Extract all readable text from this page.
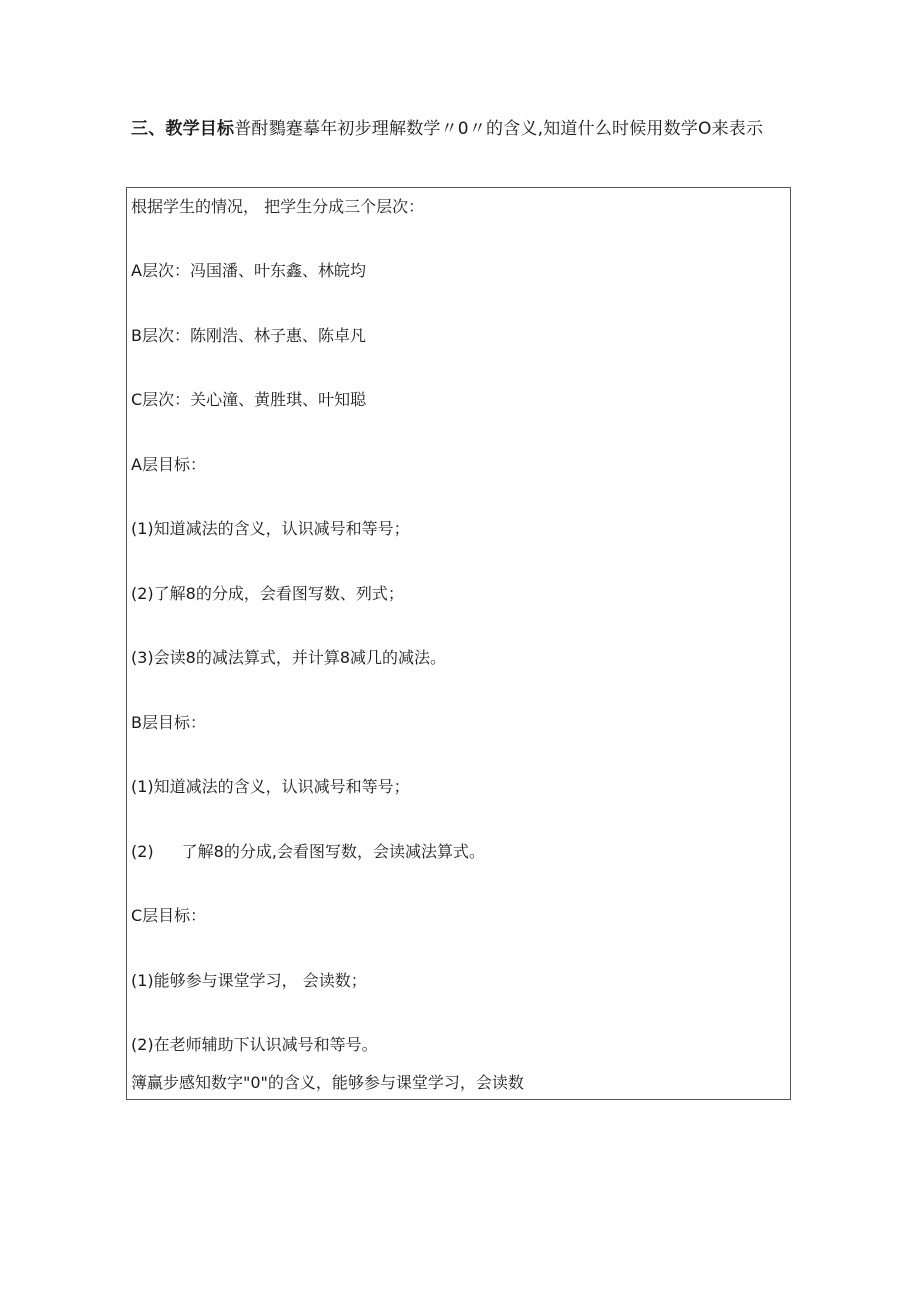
三、教学目标普酎鷚蹇摹年初步理解数学〃0〃的含义,知道什么时候用数学O来表示
根据学生的情况， 把学生分成三个层次：
A层次：冯国潘、叶东鑫、林皖均
B层次：陈刚浩、林子惠、陈卓凡
C层次：关心潼、黄胜琪、叶知聪
A层目标：
(1)知道减法的含义，认识减号和等号；
(2)了解8的分成，会看图写数、列式；
(3)会读8的减法算式，并计算8减几的减法。
B层目标：
(1)知道减法的含义，认识减号和等号；
(2) 了解8的分成,会看图写数，会读减法算式。
C层目标：
(1)能够参与课堂学习， 会读数；
(2)在老师辅助下认识减号和等号。
簿赢步感知数字"0"的含义，能够参与课堂学习，会读数
